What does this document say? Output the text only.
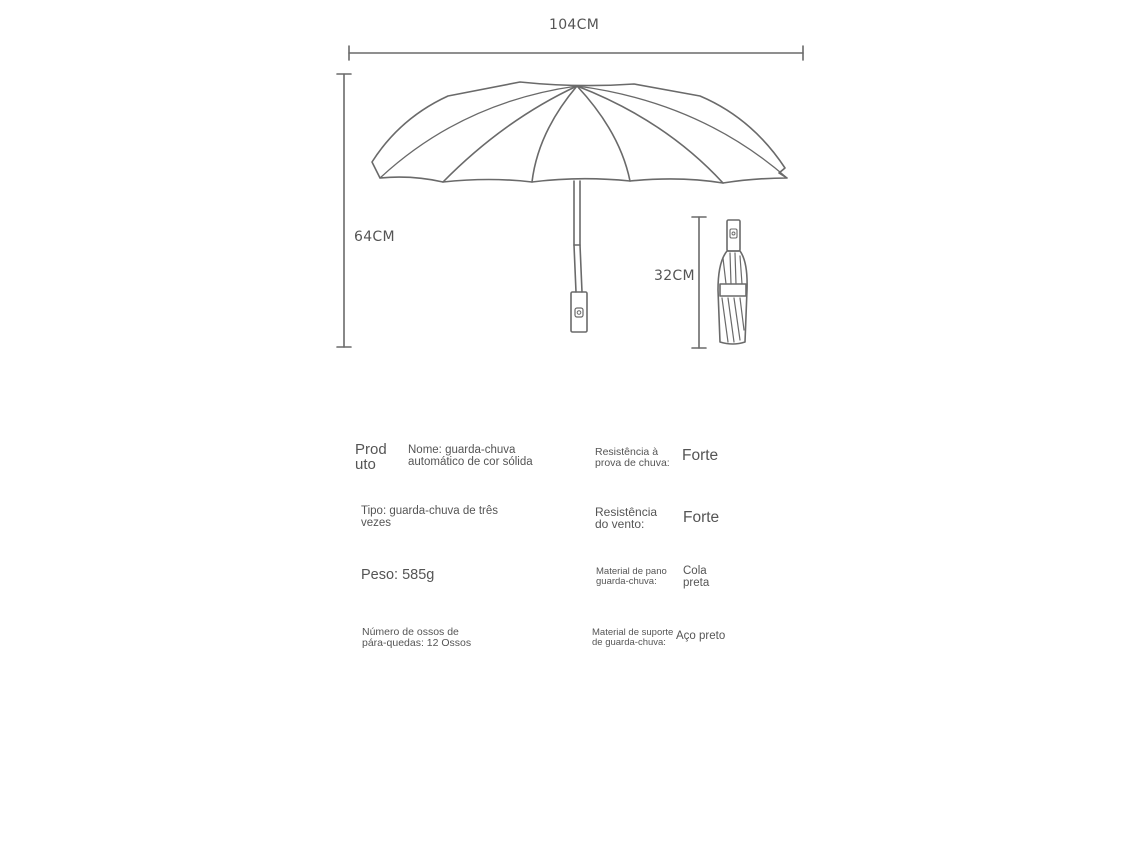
104CM
64CM
32CM
Prod uto
Nome: guarda-chuva automático de cor sólida
Tipo: guarda-chuva de três vezes
Peso: 585g
Número de ossos de pára-quedas: 12 Ossos
Resistência à prova de chuva: Forte
Resistência do vento:	Forte
Material de pano guarda-chuva:
Cola preta
Material de suporte de guarda-chuva: Aço preto
